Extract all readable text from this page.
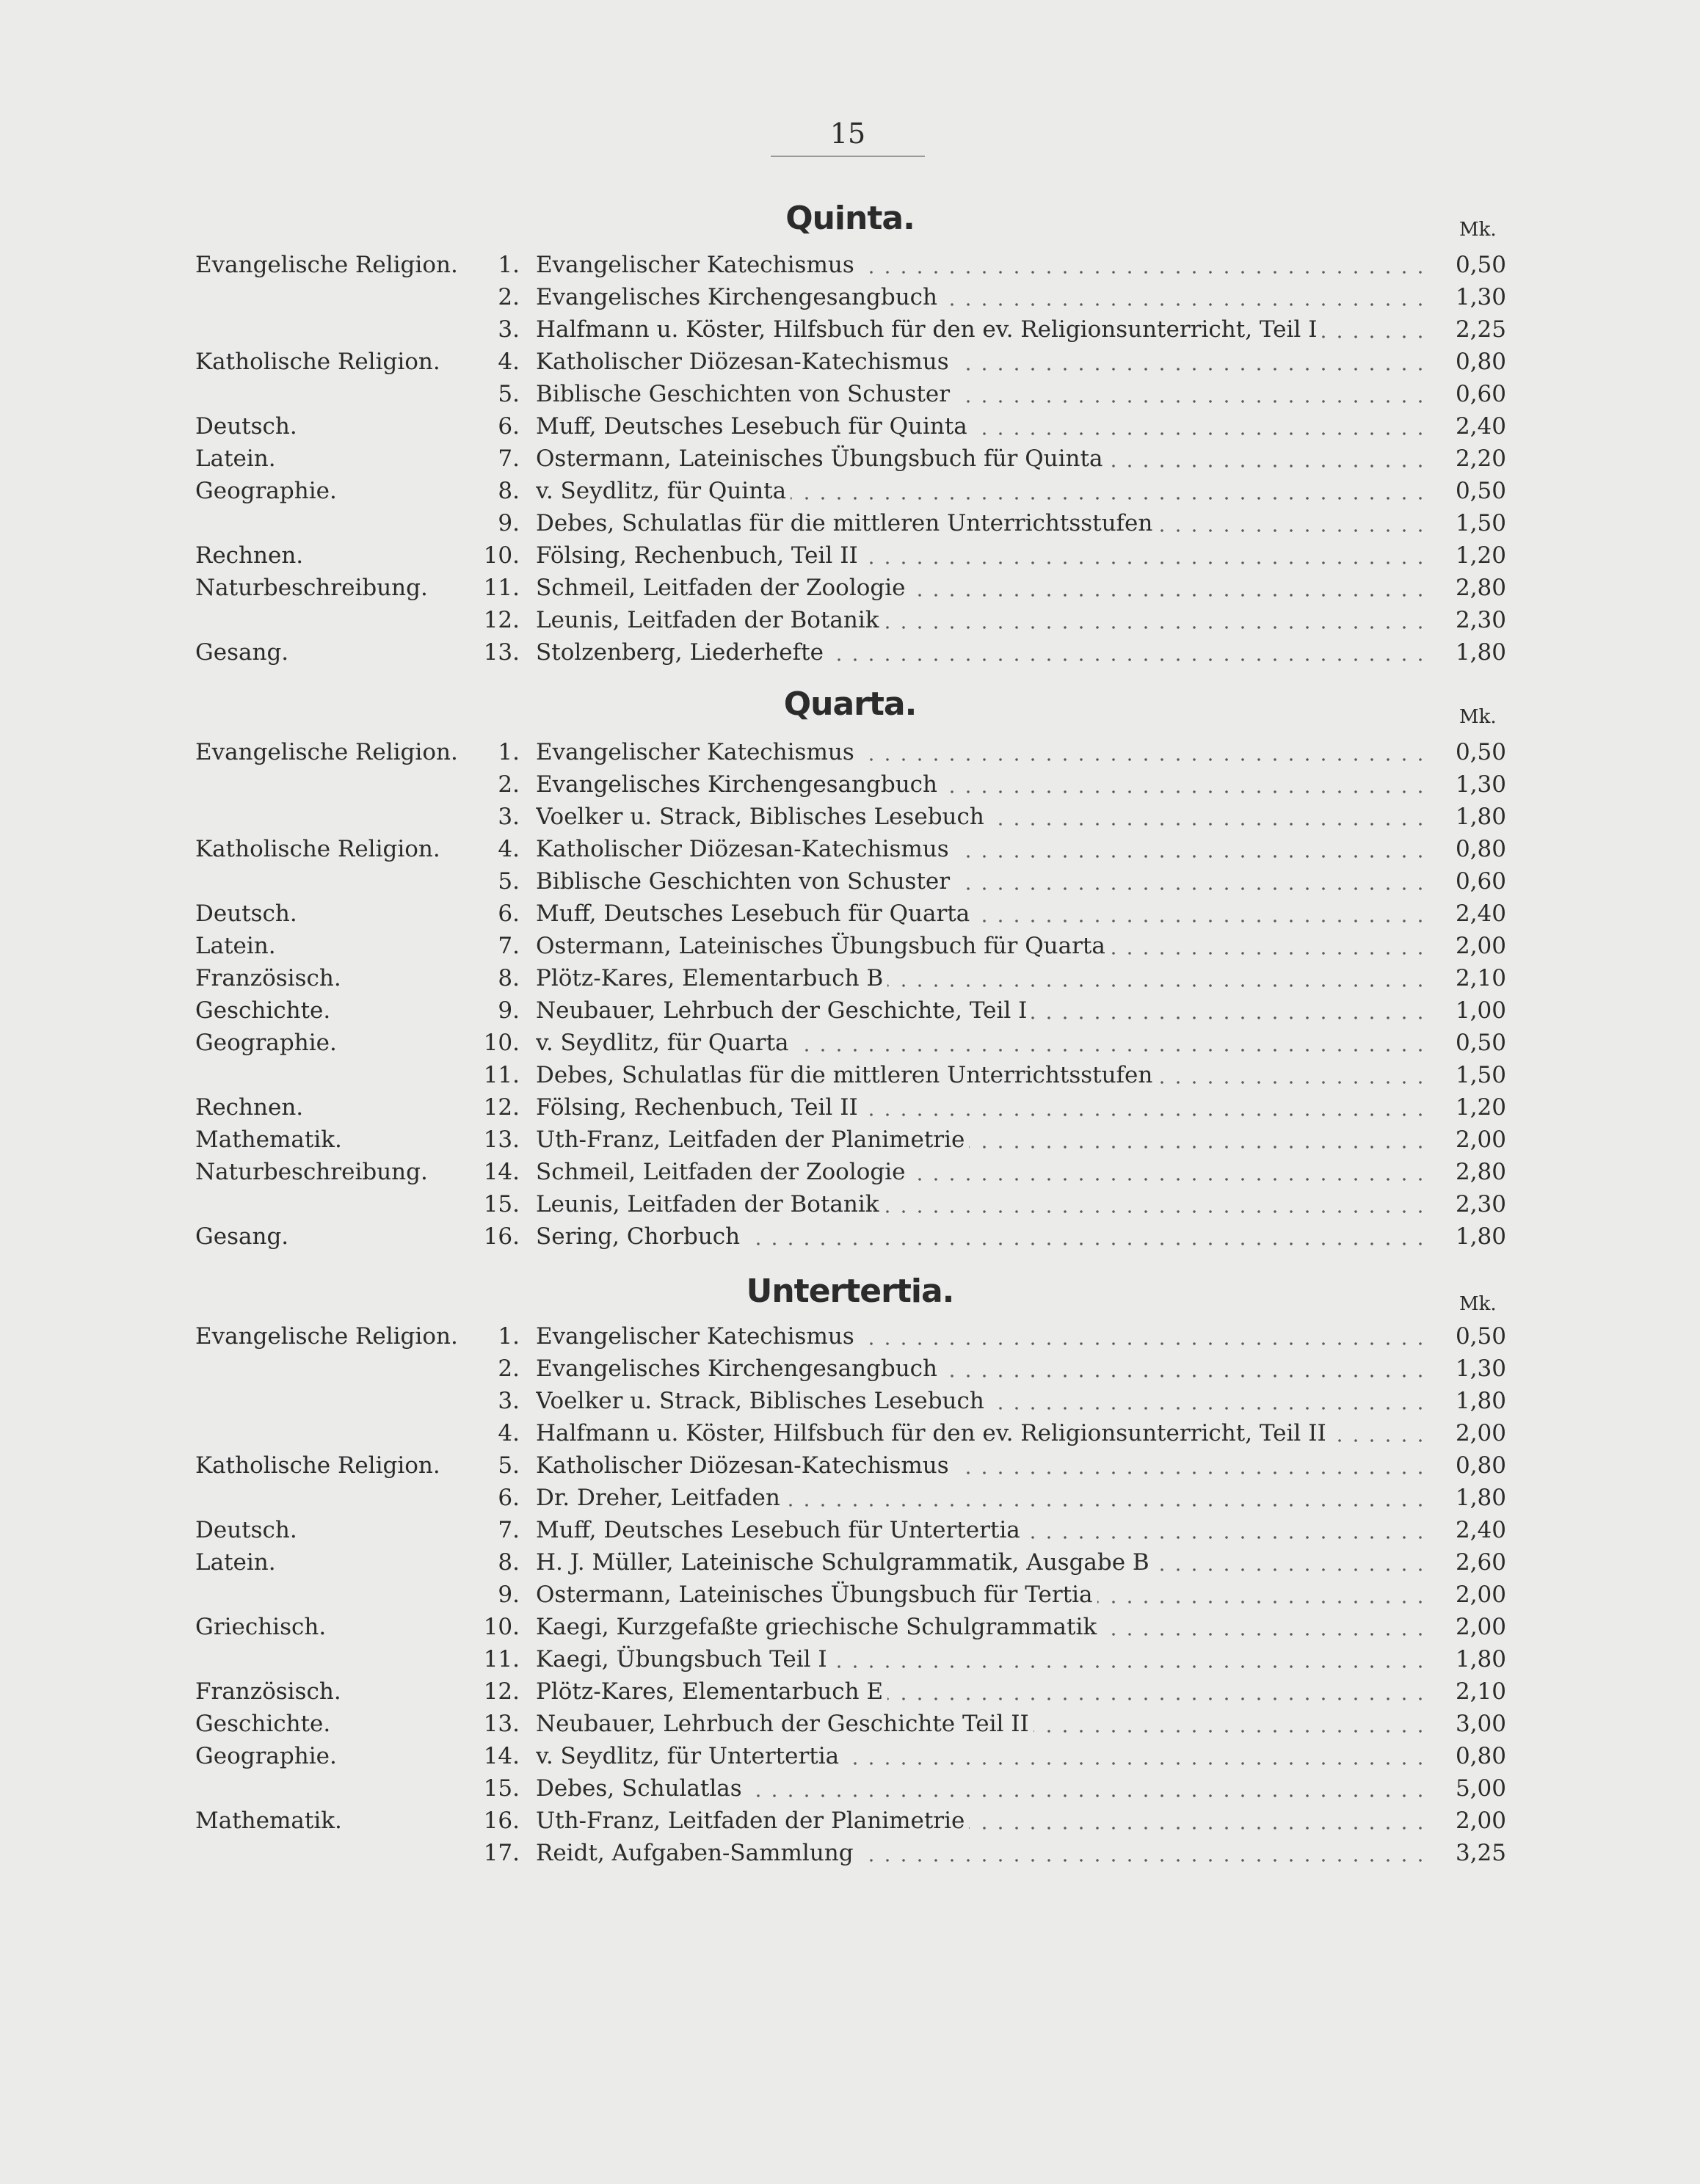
15
Quinta.	Mk.
Evangelische Religion.	1. Evangelischer Katechismus	0,50
2. Evangelisches Kirchengesangbuch	1,30
3. Halfmann u. Köster, Hilfsbuch für den ev. Religionsunterricht, Teil I	2,25
Katholische Religion.	4. Katholischer Diözesan-Katechismus	0,80
5. Biblische Geschichten von Schuster	0,60
Deutsch.	6. Muff, Deutsches Lesebuch für Quinta	2,40
Latein.	7. Ostermann, Lateinisches Übungsbuch für Quinta	2,20
Geographie.	8. v. Seydlitz, für Quinta	0,50
9. Debes, Schulatlas für die mittleren Unterrichtsstufen	1,50
Rechnen.	10. Fölsing, Rechenbuch, Teil II	1,20
Naturbeschreibung.	11. Schmeil, Leitfaden der Zoologie	2,80
12. Leunis, Leitfaden der Botanik	2,30
Gesang.	13. Stolzenberg, Liederhefte	1,80
Quarta.	Mk.
Evangelische Religion.	1. Evangelischer Katechismus	0,50
2. Evangelisches Kirchengesangbuch	1,30
3. Voelker u. Strack, Biblisches Lesebuch	1,80
Katholische Religion.	4. Katholischer Diözesan-Katechismus	0,80
5. Biblische Geschichten von Schuster	0,60
Deutsch.	6. Muff, Deutsches Lesebuch für Quarta	2,40
Latein.	7. Ostermann, Lateinisches Übungsbuch für Quarta	2,00
Französisch.	8. Plötz-Kares, Elementarbuch B	2,10
Geschichte.	9. Neubauer, Lehrbuch der Geschichte, Teil I	1,00
Geographie.	10. v. Seydlitz, für Quarta	0,50
11. Debes, Schulatlas für die mittleren Unterrichtsstufen	1,50
Rechnen.	12. Fölsing, Rechenbuch, Teil II	1,20
Mathematik.	13. Uth-Franz, Leitfaden der Planimetrie	2,00
Naturbeschreibung.	14. Schmeil, Leitfaden der Zoologie	2,80
15. Leunis, Leitfaden der Botanik	2,30
Gesang.	16. Sering, Chorbuch	1,80
Untertertia.	Mk.
Evangelische Religion.	1. Evangelischer Katechismus	0,50
2. Evangelisches Kirchengesangbuch	1,30
3. Voelker u. Strack, Biblisches Lesebuch	1,80
4. Halfmann u. Köster, Hilfsbuch für den ev. Religionsunterricht, Teil II	2,00
Katholische Religion.	5. Katholischer Diözesan-Katechismus	0,80
6. Dr. Dreher, Leitfaden	1,80
Deutsch.	7. Muff, Deutsches Lesebuch für Untertertia	2,40
Latein.	8. H. J. Müller, Lateinische Schulgrammatik, Ausgabe B	2,60
9. Ostermann, Lateinisches Übungsbuch für Tertia	2,00
Griechisch.	10. Kaegi, Kurzgefaßte griechische Schulgrammatik	2,00
11. Kaegi, Übungsbuch Teil I	1,80
Französisch.	12. Plötz-Kares, Elementarbuch E	2,10
Geschichte.	13. Neubauer, Lehrbuch der Geschichte Teil II	3,00
Geographie.	14. v. Seydlitz, für Untertertia	0,80
15. Debes, Schulatlas	5,00
Mathematik.	16. Uth-Franz, Leitfaden der Planimetrie	2,00
17. Reidt, Aufgaben-Sammlung	3,25
